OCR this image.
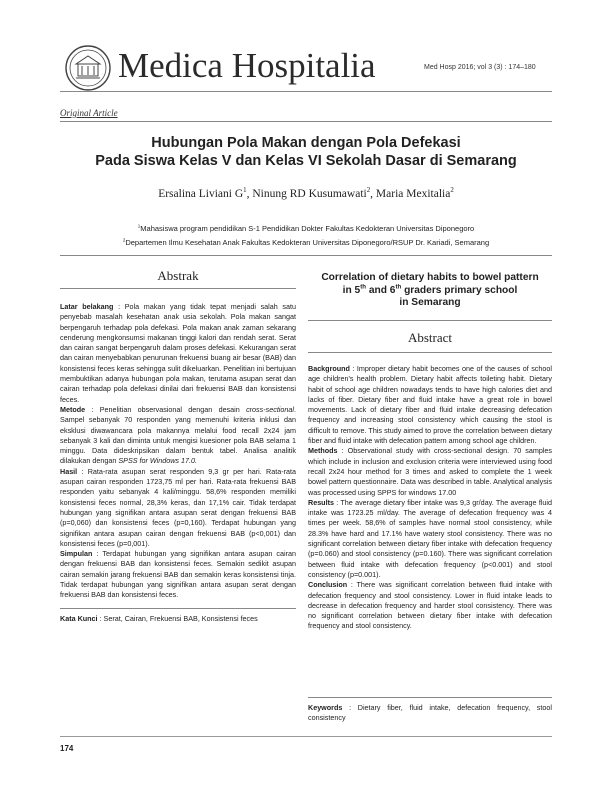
Medica Hospitalia	Med Hosp 2016; vol 3 (3) : 174–180
Original Article
Hubungan Pola Makan dengan Pola Defekasi
Pada Siswa Kelas V dan Kelas VI Sekolah Dasar di Semarang
Ersalina Liviani $G^1$, Ninung RD Kusumawati$^2$, Maria Mexitalia$^2$
$^1$Mahasiswa program pendidikan S-1 Pendidikan Dokter Fakultas Kedokteran Universitas Diponegoro
$^2$Departemen Ilmu Kesehatan Anak Fakultas Kedokteran Universitas Diponegoro/RSUP Dr. Kariadi, Semarang
Abstrak

Latar belakang : Pola makan yang tidak tepat menjadi salah satu penyebab masalah kesehatan anak usia sekolah. Pola makan sangat berpengaruh terhadap pola defekasi. Pola makan anak zaman sekarang cenderung mengkonsumsi makanan tinggi kalori dan rendah serat. Serat dan cairan sangat berpengaruh dalam proses defekasi. Kekurangan serat dan cairan menyebabkan penurunan frekuensi buang air besar (BAB) dan konsistensi feces keras sehingga sulit dikeluarkan. Penelitian ini bertujuan membuktikan adanya hubungan pola makan, terutama asupan serat dan cairan terhadap pola defekasi dinilai dari frekuensi BAB dan konsistensi feces.

Metode : Penelitian observasional dengan desain cross-sectional. Sampel sebanyak 70 responden yang memenuhi kriteria inklusi dan eksklusi diwawancara pola makannya melalui food recall 2x24 jam sebanyak 3 kali dan diminta untuk mengisi kuesioner pola BAB selama 1 minggu. Data dideskripsikan dalam bentuk tabel. Analisa analitik dilakukan dengan SPSS for Windows 17.0.

Hasil : Rata-rata asupan serat responden 9,3 gr per hari. Rata-rata asupan cairan responden 1723,75 ml per hari. Rata-rata frekuensi BAB responden yaitu sebanyak 4 kali/minggu. 58,6% responden memiliki konsistensi feces normal, 28,3% keras, dan 17,1% cair. Tidak terdapat hubungan yang signifikan antara asupan serat dengan frekuensi BAB (p=0,060) dan konsistensi feces (p=0,160). Terdapat hubungan yang signifikan antara asupan cairan dengan frekuensi BAB (p<0,001) dan konsistensi feces (p=0,001).

Simpulan : Terdapat hubungan yang signifikan antara asupan cairan dengan frekuensi BAB dan konsistensi feces. Semakin sedikit asupan cairan semakin jarang frekuensi BAB dan semakin keras konsistensi tinja. Tidak terdapat hubungan yang signifikan antara asupan serat dengan frekuensi BAB dan konsistensi feces.

Kata Kunci : Serat, Cairan, Frekuensi BAB, Konsistensi feces
Correlation of dietary habits to bowel pattern
in 5th and 6th graders primary school
in Semarang
Abstract

Background : Improper dietary habit becomes one of the causes of school age children's health problem. Dietary habit affects toileting habit. Dietary habit of school age children nowadays tends to have high calories diet and lacks of fiber. Dietary fiber and fluid intake have a great role in bowel movements. Lack of dietary fiber and fluid intake decreasing defecation frequency and increasing stool consistency which causing the stool is difficult to remove. This study aimed to prove the correlation between dietary fiber and fluid intake with defecation pattern among school age children.

Methods : Observational study with cross-sectional design. 70 samples which include in inclusion and exclusion criteria were interviewed using food recall 2x24 hour method for 3 times and asked to complete the 1 week bowel pattern questionnaire. Data was described in table. Analytical analysis was processed using SPPS for windows 17.00

Results : The average dietary fiber intake was 9,3 gr/day. The average fluid intake was 1723.25 ml/day. The average of defecation frequency was 4 times per week. 58,6% of samples have normal stool consistency, while 28.3% have hard and 17.1% have watery stool consistency. There was no significant correlation between dietary fiber intake with defecation frequency (p=0.060) and stool consistency (p=0.160). There was significant correlation between fluid intake with defecation frequency (p<0.001) and stool consistency (p=0.001).

Conclusion : There was significant correlation between fluid intake with defecation frequency and stool consistency. Lower in fluid intake leads to decrease in defecation frequency and harder stool consistency. There was no significant correlation between dietary fiber intake with defecation frequency and stool consistency.

Keywords : Dietary fiber, fluid intake, defecation frequency, stool consistency
174
